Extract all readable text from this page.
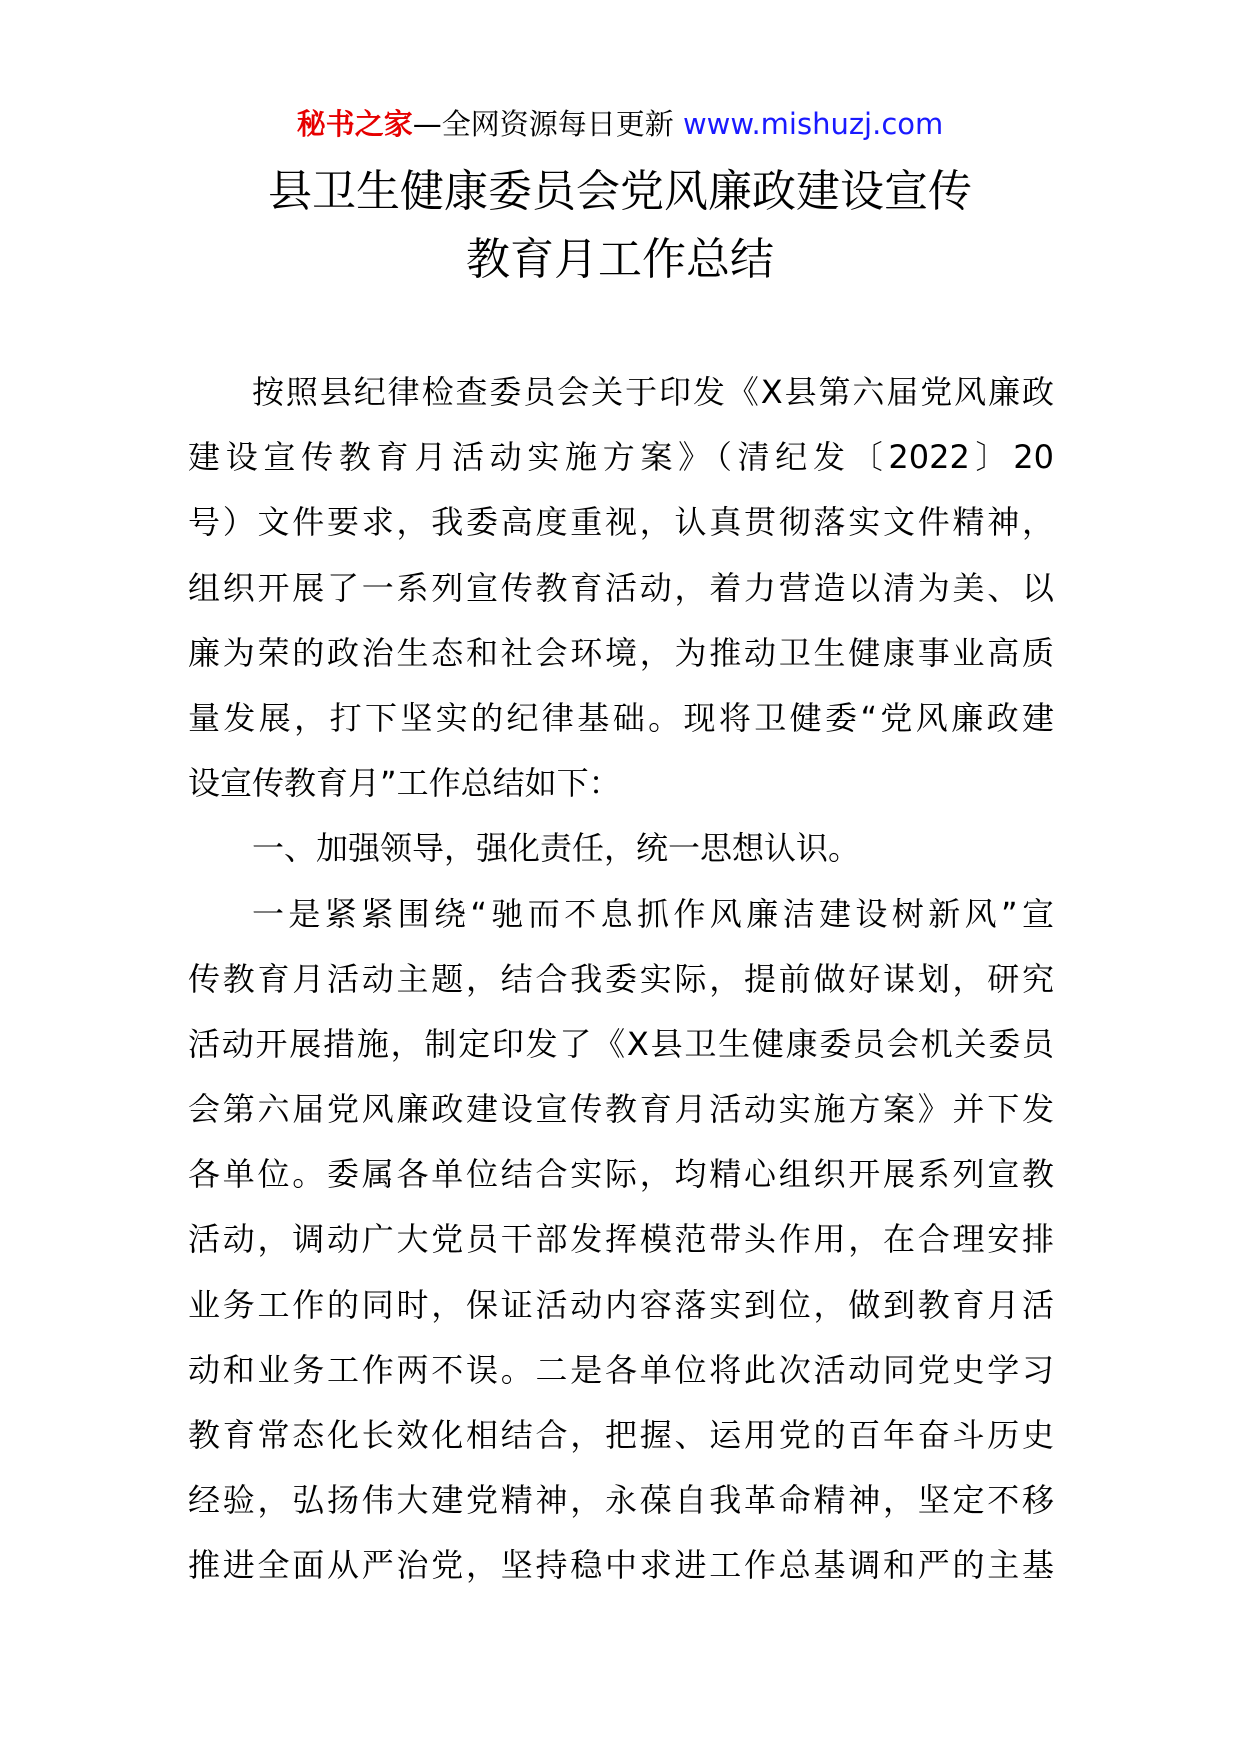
秘书之家—全网资源每日更新 www.mishuzj.com
县卫生健康委员会党风廉政建设宣传
教育月工作总结
按照县纪律检查委员会关于印发《X县第六届党风廉政
建设宣传教育月活动实施方案》（清纪发〔2022〕20
号）文件要求，我委高度重视，认真贯彻落实文件精神，
组织开展了一系列宣传教育活动，着力营造以清为美、以
廉为荣的政治生态和社会环境，为推动卫生健康事业高质
量发展，打下坚实的纪律基础。现将卫健委“党风廉政建
设宣传教育月”工作总结如下：
一、加强领导，强化责任，统一思想认识。
一是紧紧围绕“驰而不息抓作风廉洁建设树新风”宣
传教育月活动主题，结合我委实际，提前做好谋划，研究
活动开展措施，制定印发了《X县卫生健康委员会机关委员
会第六届党风廉政建设宣传教育月活动实施方案》并下发
各单位。委属各单位结合实际，均精心组织开展系列宣教
活动，调动广大党员干部发挥模范带头作用，在合理安排
业务工作的同时，保证活动内容落实到位，做到教育月活
动和业务工作两不误。二是各单位将此次活动同党史学习
教育常态化长效化相结合，把握、运用党的百年奋斗历史
经验，弘扬伟大建党精神，永葆自我革命精神，坚定不移
推进全面从严治党，坚持稳中求进工作总基调和严的主基
